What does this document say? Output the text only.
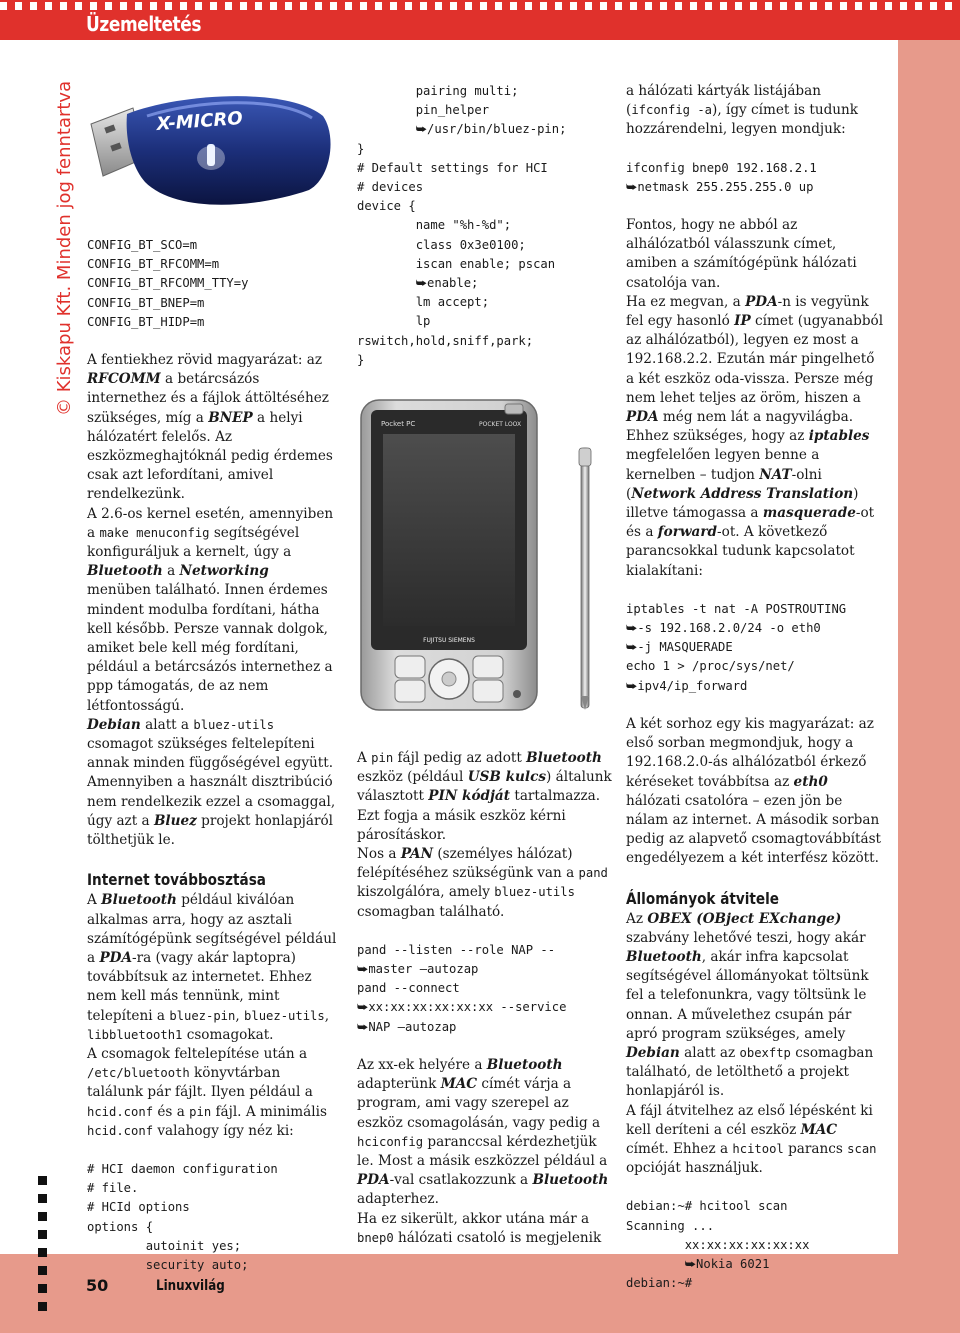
Üzemeltetés
© Kiskapu Kft. Minden jog fenntartva
50	Linuxvilág
X-MICRO
Pocket PC	POCKET LOOX
FUJITSU SIEMENS
CONFIG_BT_SCO=m
CONFIG_BT_RFCOMM=m
CONFIG_BT_RFCOMM_TTY=y
CONFIG_BT_BNEP=m
CONFIG_BT_HIDP=m

A fentiekhez rövid magyarázat: az RFCOMM a betárcsázós internethez és a fájlok áttöltéséhez szükséges, míg a BNEP a helyi hálózatért felelős. Az eszközmeghajtóknál pedig érdemes csak azt lefordítani, amivel rendelkezünk.

A 2.6-os kernel esetén, amennyiben a make menuconfig segítségével konfiguráljuk a kernelt, úgy a Bluetooth a Networking menüben található. Innen érdemes mindent modulba fordítani, hátha kell később. Persze vannak dolgok, amiket bele kell még fordítani, például a betárcsázós internethez a ppp támogatás, de az nem létfontosságú.

Debian alatt a bluez-utils csomagot szükséges feltelepíteni annak minden függőségével együtt. Amennyiben a használt disztribúció nem rendelkezik ezzel a csomaggal, úgy azt a Bluez projekt honlapjáról tölthetjük le.

Internet továbbosztása

A Bluetooth például kiválóan alkalmas arra, hogy az asztali számítógépünk segítségével például a PDA-ra (vagy akár laptopra) továbbítsuk az internetet. Ehhez nem kell más tennünk, mint telepíteni a bluez-pin, bluez-utils, libbluetooth1 csomagokat.

A csomagok feltelepítése után a /etc/bluetooth könyvtárban találunk pár fájlt. Ilyen például a hcid.conf és a pin fájl. A minimális hcid.conf valahogy így néz ki:

# HCI daemon configuration
# file.
# HCId options
options {
autoinit yes;
security auto;
pairing multi;
pin_helper
⮩/usr/bin/bluez-pin;
}
# Default settings for HCI
# devices
device {
name "%h-%d";
class 0x3e0100;
iscan enable; pscan
⮩enable;
lm accept;
lp
rswitch,hold,sniff,park;
}

A pin fájl pedig az adott Bluetooth eszköz (például USB kulcs) általunk választott PIN kódját tartalmazza. Ezt fogja a másik eszköz kérni párosításkor.

Nos a PAN (személyes hálózat) felépítéséhez szükségünk van a pand kiszolgálóra, amely bluez-utils csomagban található.

pand --listen --role NAP --
⮩master –autozap
pand --connect
⮩xx:xx:xx:xx:xx:xx --service
⮩NAP –autozap

Az xx-ek helyére a Bluetooth adapterünk MAC címét várja a program, ami vagy szerepel az eszköz csomagolásán, vagy pedig a hciconfig paranccsal kérdezhetjük le. Most a másik eszközzel például a PDA-val csatlakozzunk a Bluetooth adapterhez.

Ha ez sikerült, akkor utána már a bnep0 hálózati csatoló is megjelenik

a hálózati kártyák listájában (ifconfig -a), így címet is tudunk hozzárendelni, legyen mondjuk:

ifconfig bnep0 192.168.2.1
⮩netmask 255.255.255.0 up

Fontos, hogy ne abból az alhálózatból válasszunk címet, amiben a számítógépünk hálózati csatolója van.

Ha ez megvan, a PDA-n is vegyünk fel egy hasonló IP címet (ugyanabból az alhálózatból), legyen ez most a 192.168.2.2. Ezután már pingelhető a két eszköz oda-vissza. Persze még nem lehet teljes az öröm, hiszen a PDA még nem lát a nagyvilágba. Ehhez szükséges, hogy az iptables megfelelően legyen benne a kernelben – tudjon NAT-olni (Network Address Translation) illetve támogassa a masquerade-ot és a forward-ot. A következő parancsokkal tudunk kapcsolatot kialakítani:

iptables -t nat -A POSTROUTING
⮩-s 192.168.2.0/24 -o eth0
⮩-j MASQUERADE
echo 1 > /proc/sys/net/
⮩ipv4/ip_forward

A két sorhoz egy kis magyarázat: az első sorban megmondjuk, hogy a 192.168.2.0-ás alhálózatból érkező kéréseket továbbítsa az eth0 hálózati csatolóra – ezen jön be nálam az internet. A második sorban pedig az alapvető csomagtovábbítást engedélyezem a két interfész között.

Állományok átvitele

Az OBEX (OBject EXchange) szabvány lehetővé teszi, hogy akár Bluetooth, akár infra kapcsolat segítségével állományokat töltsünk fel a telefonunkra, vagy töltsünk le onnan. A művelethez csupán pár apró program szükséges, amely Debian alatt az obexftp csomagban található, de letölthető a projekt honlapjáról is.

A fájl átvitelhez az első lépésként ki kell deríteni a cél eszköz MAC címét. Ehhez a hcitool parancs scan opcióját használjuk.

debian:~# hcitool scan
Scanning ...
xx:xx:xx:xx:xx:xx
⮩Nokia 6021
debian:~#
